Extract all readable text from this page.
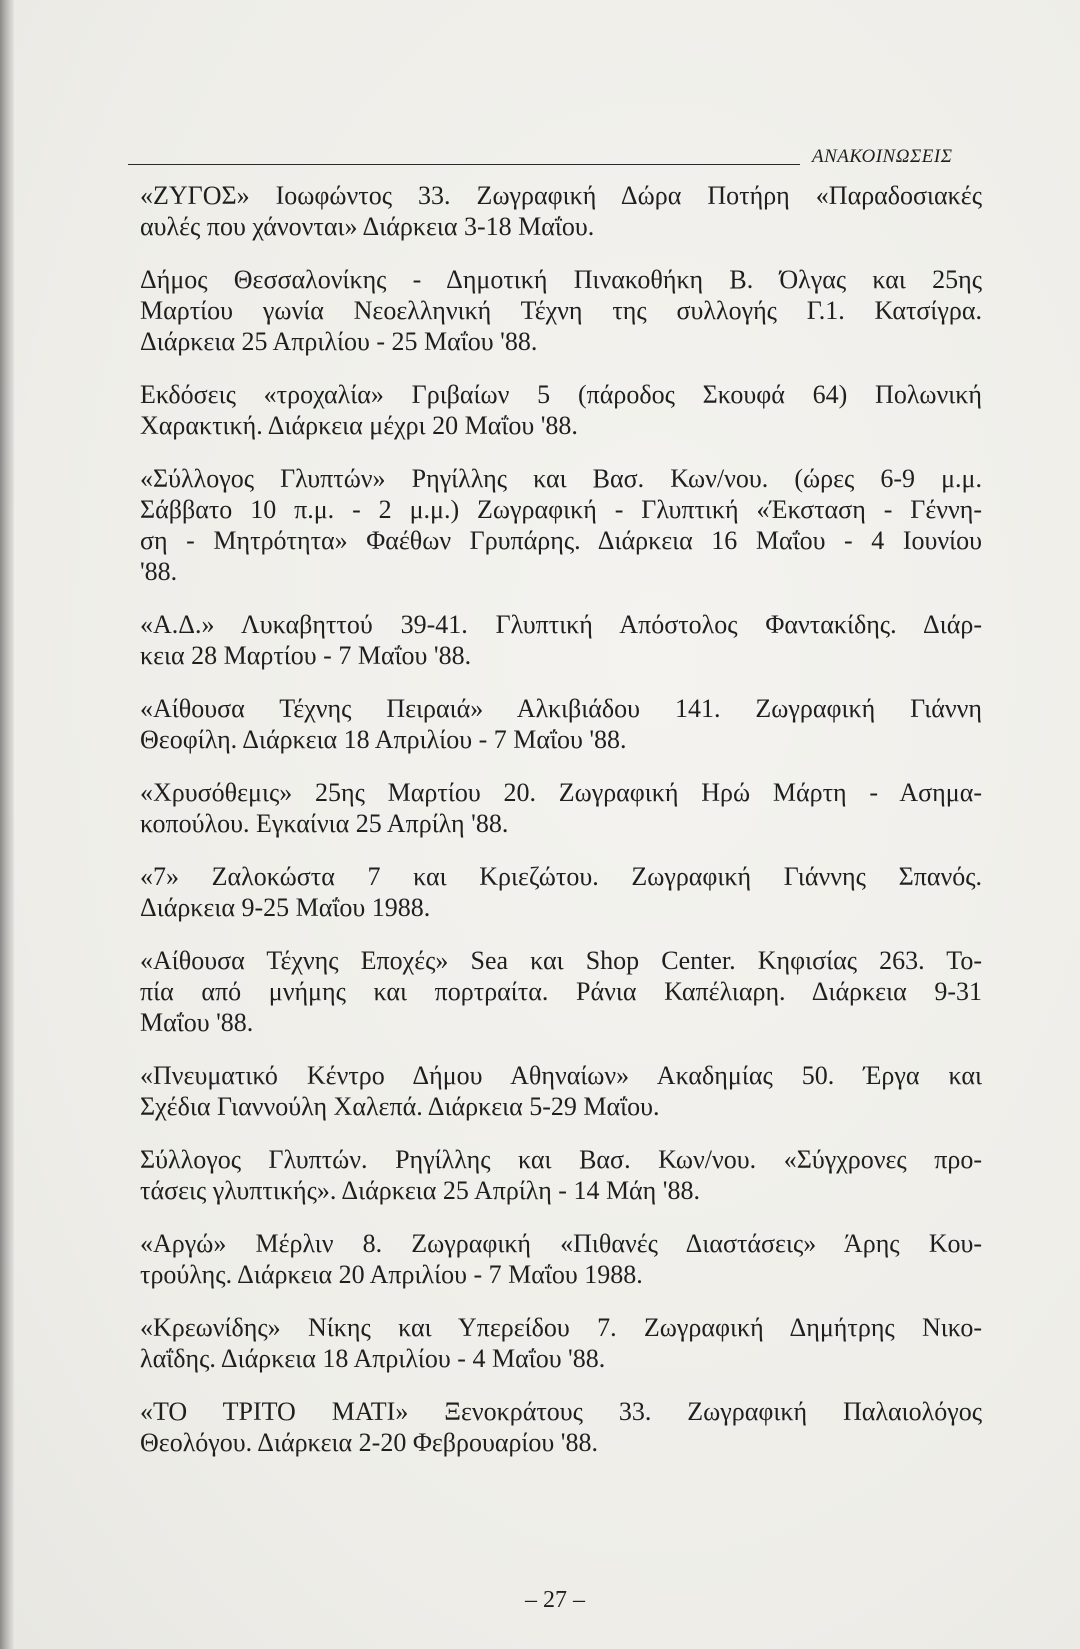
ΑΝΑΚΟΙΝΩΣΕΙΣ
«ΖΥΓΟΣ» Ιοωφώντος 33. Ζωγραφική Δώρα Ποτήρη «Παραδοσιακές
αυλές που χάνονται» Διάρκεια 3-18 Μαΐου.
Δήμος Θεσσαλονίκης - Δημοτική Πινακοθήκη Β. Όλγας και 25ης
Μαρτίου γωνία Νεοελληνική Τέχνη της συλλογής Γ.1. Κατσίγρα.
Διάρκεια 25 Απριλίου - 25 Μαΐου '88.
Εκδόσεις «τροχαλία» Γριβαίων 5 (πάροδος Σκουφά 64) Πολωνική
Χαρακτική. Διάρκεια μέχρι 20 Μαΐου '88.
«Σύλλογος Γλυπτών» Ρηγίλλης και Βασ. Κων/νου. (ώρες 6-9 μ.μ.
Σάββατο 10 π.μ. - 2 μ.μ.) Ζωγραφική - Γλυπτική «Έκσταση - Γέννη-
ση - Μητρότητα» Φαέθων Γρυπάρης. Διάρκεια 16 Μαΐου - 4 Ιουνίου
'88.
«Α.Δ.» Λυκαβηττού 39-41. Γλυπτική Απόστολος Φαντακίδης. Διάρ-
κεια 28 Μαρτίου - 7 Μαΐου '88.
«Αίθουσα Τέχνης Πειραιά» Αλκιβιάδου 141. Ζωγραφική Γιάννη
Θεοφίλη. Διάρκεια 18 Απριλίου - 7 Μαΐου '88.
«Χρυσόθεμις» 25ης Μαρτίου 20. Ζωγραφική Ηρώ Μάρτη - Ασημα-
κοπούλου. Εγκαίνια 25 Απρίλη '88.
«7» Ζαλοκώστα 7 και Κριεζώτου. Ζωγραφική Γιάννης Σπανός.
Διάρκεια 9-25 Μαΐου 1988.
«Αίθουσα Τέχνης Εποχές» Sea και Shop Center. Κηφισίας 263. Το-
πία από μνήμης και πορτραίτα. Ράνια Καπέλιαρη. Διάρκεια 9-31
Μαΐου '88.
«Πνευματικό Κέντρο Δήμου Αθηναίων» Ακαδημίας 50. Έργα και
Σχέδια Γιαννούλη Χαλεπά. Διάρκεια 5-29 Μαΐου.
Σύλλογος Γλυπτών. Ρηγίλλης και Βασ. Κων/νου. «Σύγχρονες προ-
τάσεις γλυπτικής». Διάρκεια 25 Απρίλη - 14 Μάη '88.
«Αργώ» Μέρλιν 8. Ζωγραφική «Πιθανές Διαστάσεις» Άρης Κου-
τρούλης. Διάρκεια 20 Απριλίου - 7 Μαΐου 1988.
«Κρεωνίδης» Νίκης και Υπερείδου 7. Ζωγραφική Δημήτρης Νικο-
λαΐδης. Διάρκεια 18 Απριλίου - 4 Μαΐου '88.
«ΤΟ ΤΡΙΤΟ ΜΑΤΙ» Ξενοκράτους 33. Ζωγραφική Παλαιολόγος
Θεολόγου. Διάρκεια 2-20 Φεβρουαρίου '88.
– 27 –
